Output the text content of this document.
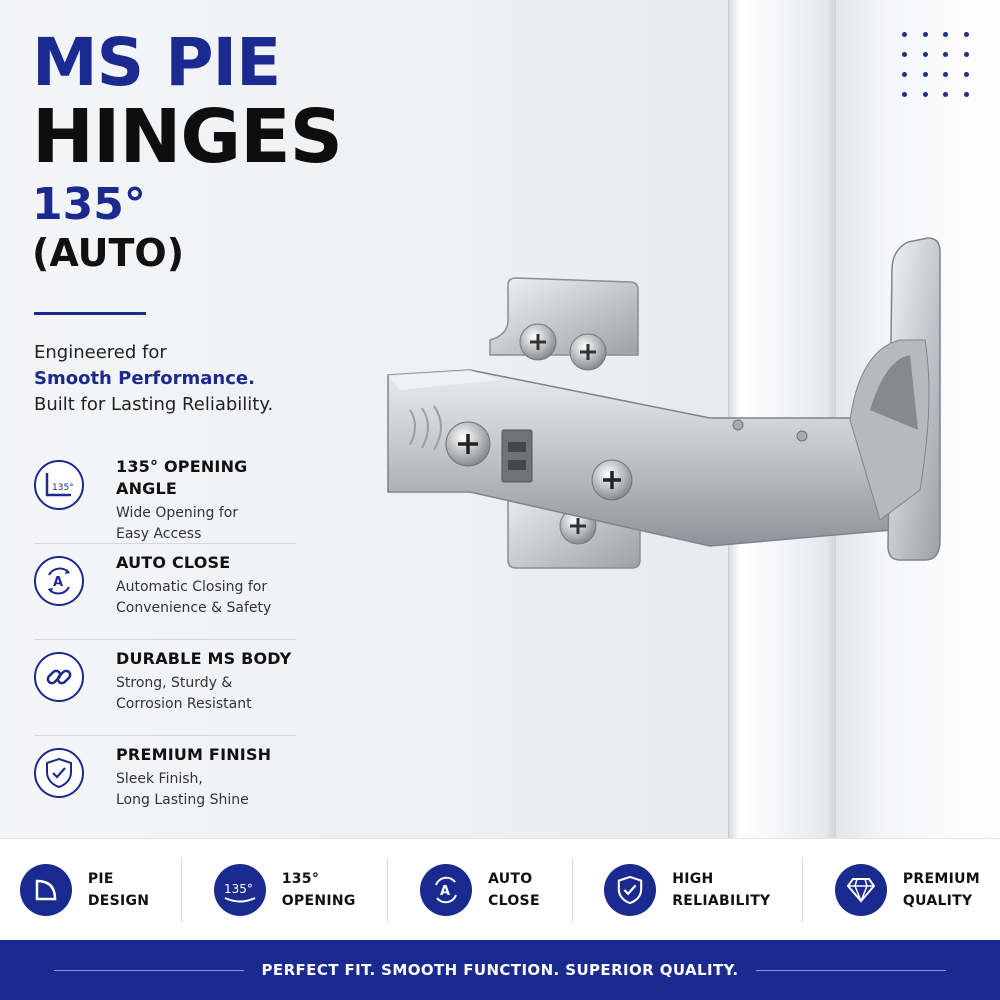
MS PIE
HINGES
135°
(AUTO)
Engineered for
Smooth Performance.
Built for Lasting Reliability.
135°
135° OPENING ANGLE
Wide Opening for
Easy Access
A
AUTO CLOSE
Automatic Closing for
Convenience & Safety
DURABLE MS BODY
Strong, Sturdy &
Corrosion Resistant
PREMIUM FINISH
Sleek Finish,
Long Lasting Shine
PIE
DESIGN
135°
135°
OPENING
A
AUTO
CLOSE
HIGH
RELIABILITY
PREMIUM
QUALITY
PERFECT FIT. SMOOTH FUNCTION. SUPERIOR QUALITY.
